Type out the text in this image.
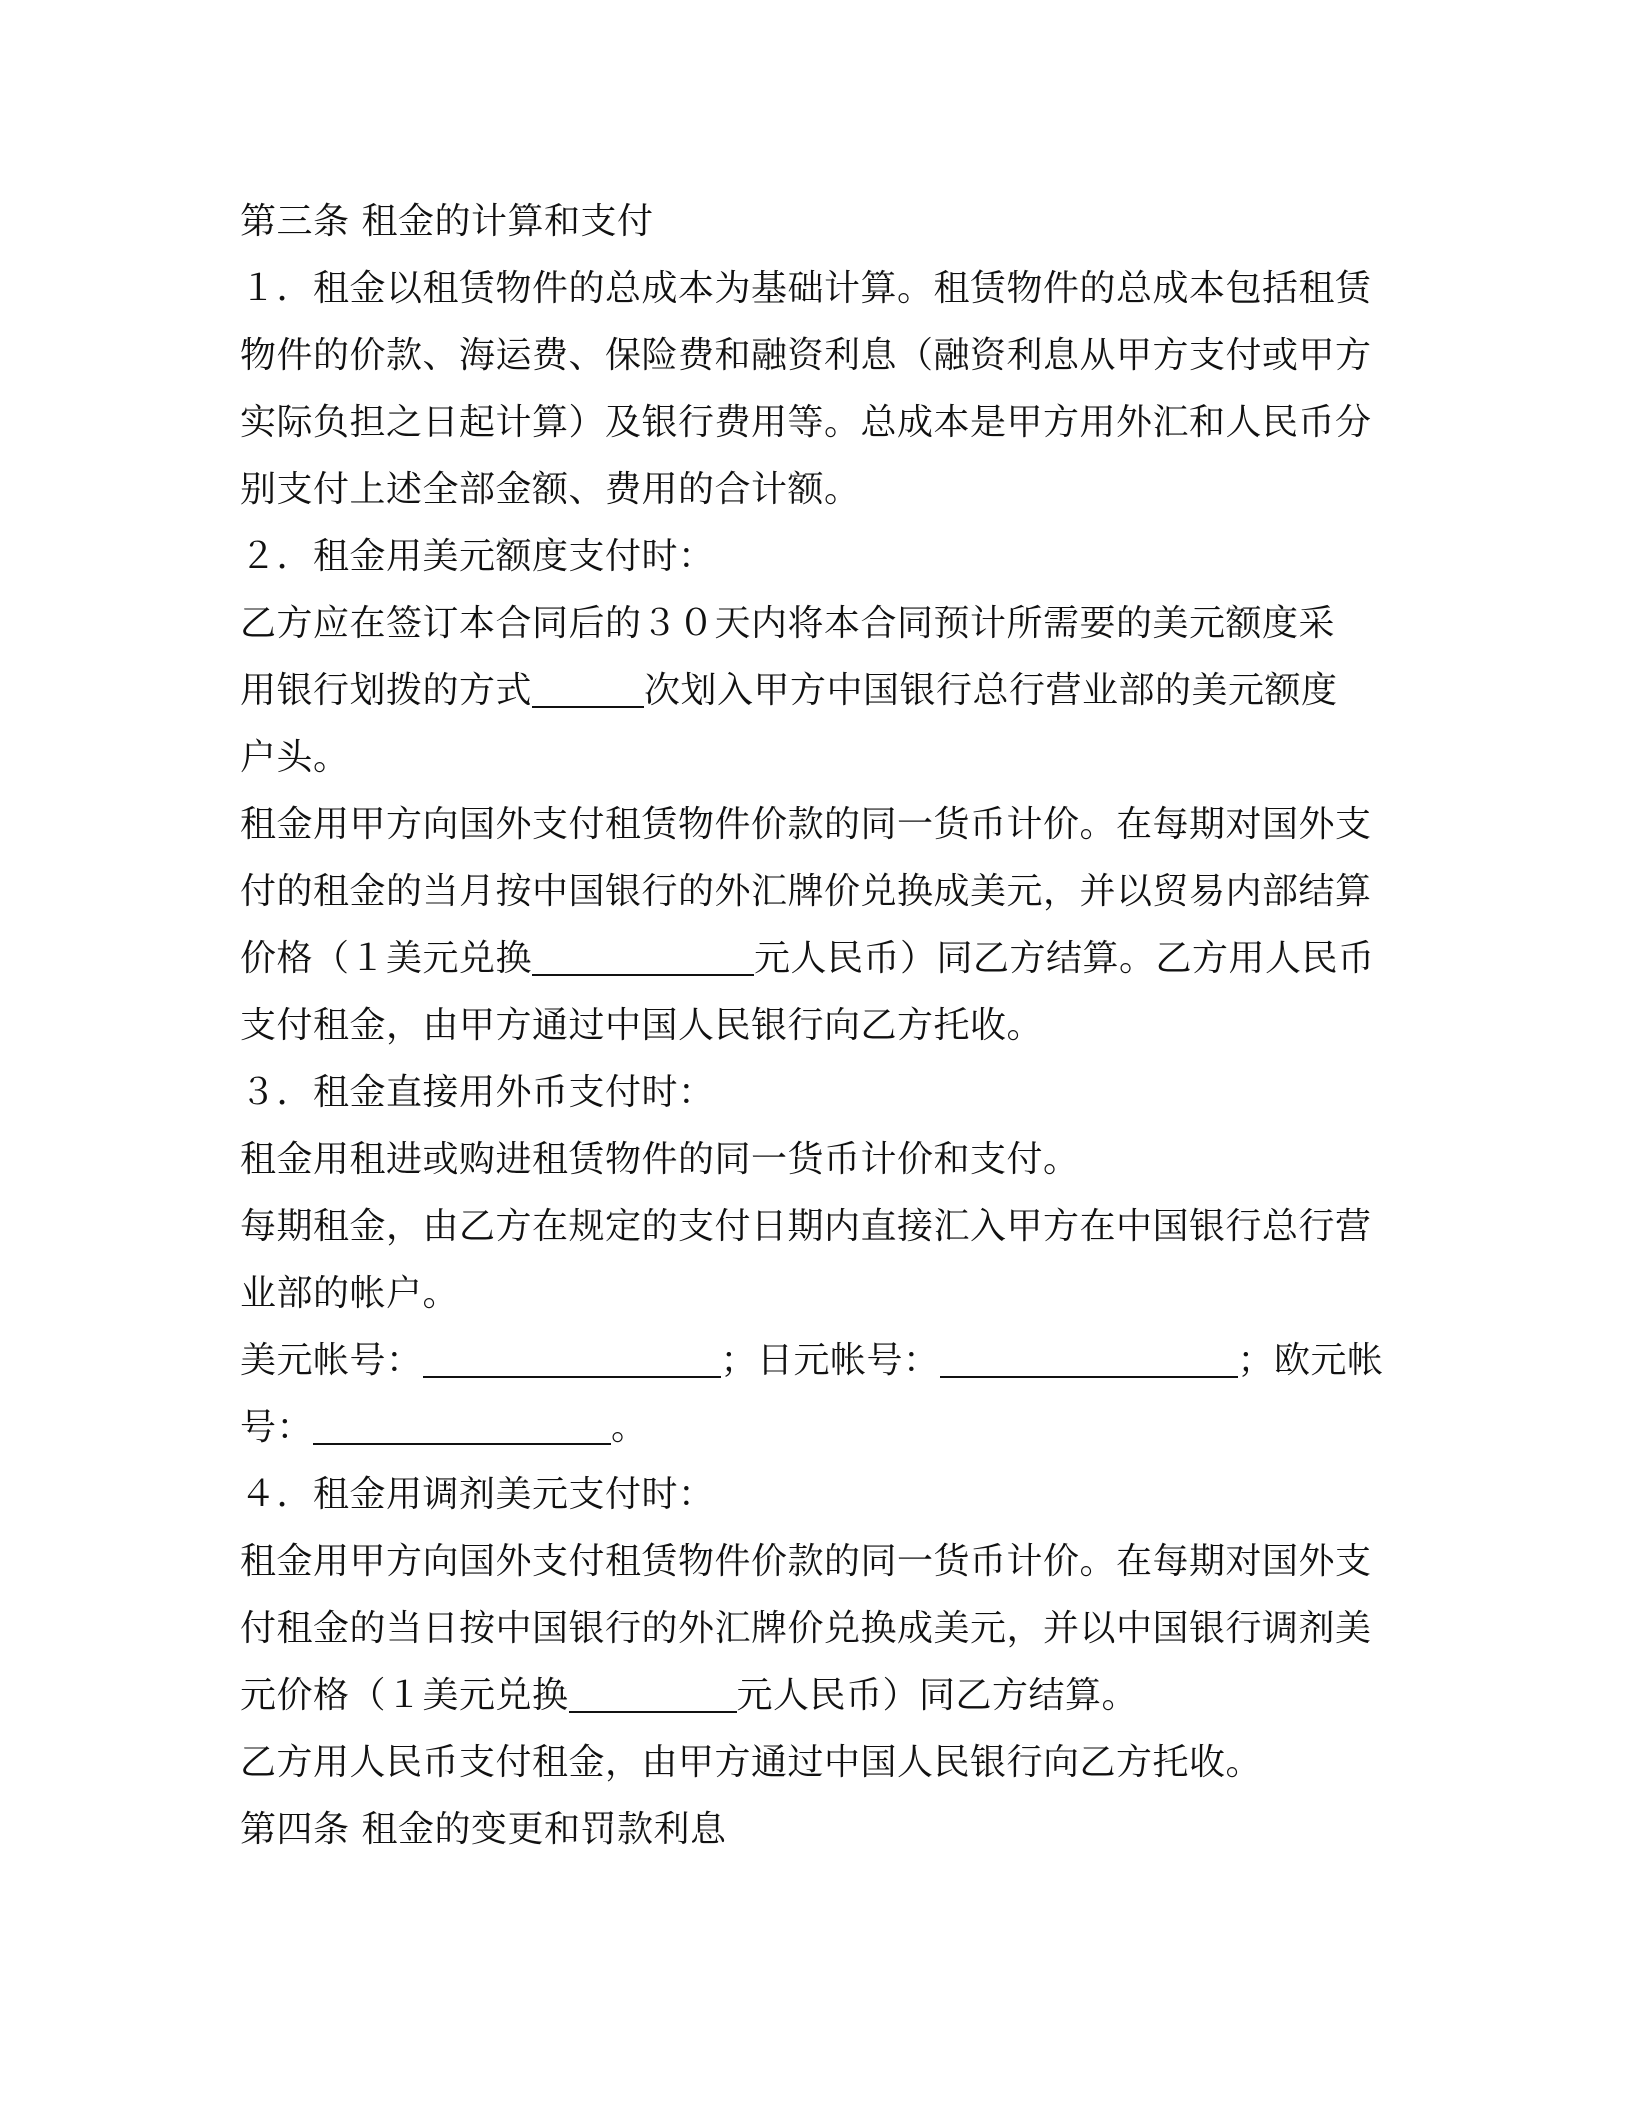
第三条 租金的计算和支付
１．租金以租赁物件的总成本为基础计算。租赁物件的总成本包括租赁
物件的价款、海运费、保险费和融资利息（融资利息从甲方支付或甲方
实际负担之日起计算）及银行费用等。总成本是甲方用外汇和人民币分
别支付上述全部金额、费用的合计额。
２．租金用美元额度支付时：
乙方应在签订本合同后的３０天内将本合同预计所需要的美元额度采
用银行划拨的方式	次划入甲方中国银行总行营业部的美元额度
户头。
租金用甲方向国外支付租赁物件价款的同一货币计价。在每期对国外支
付的租金的当月按中国银行的外汇牌价兑换成美元，并以贸易内部结算
价格（１美元兑换	元人民币）同乙方结算。乙方用人民币
支付租金，由甲方通过中国人民银行向乙方托收。
３．租金直接用外币支付时：
租金用租进或购进租赁物件的同一货币计价和支付。
每期租金，由乙方在规定的支付日期内直接汇入甲方在中国银行总行营
业部的帐户。
美元帐号：	；日元帐号：	；欧元帐
号：	。
４．租金用调剂美元支付时：
租金用甲方向国外支付租赁物件价款的同一货币计价。在每期对国外支
付租金的当日按中国银行的外汇牌价兑换成美元，并以中国银行调剂美
元价格（１美元兑换	元人民币）同乙方结算。
乙方用人民币支付租金，由甲方通过中国人民银行向乙方托收。
第四条 租金的变更和罚款利息
